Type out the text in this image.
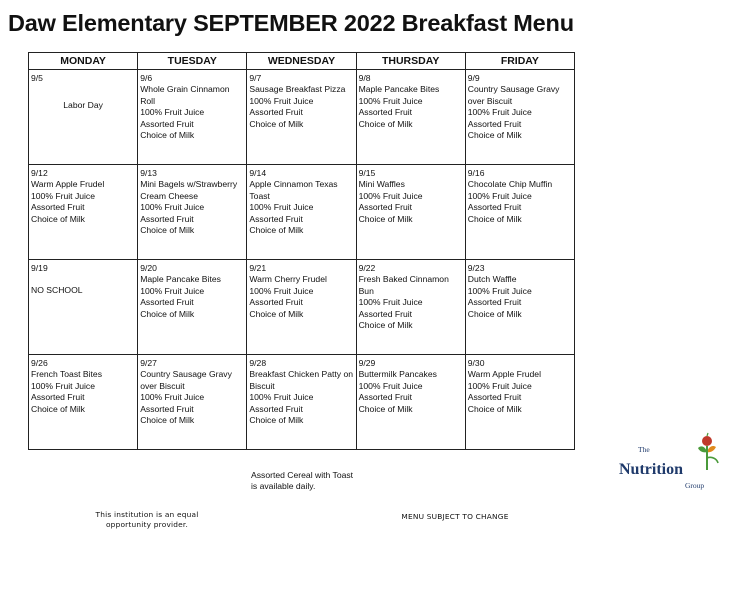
Daw Elementary SEPTEMBER 2022 Breakfast Menu
MONDAY	TUESDAY	WEDNESDAY	THURSDAY	FRIDAY

9/5

Labor Day	9/6
Whole Grain Cinnamon Roll
100% Fruit Juice
Assorted Fruit
Choice of Milk	9/7
Sausage Breakfast Pizza
100% Fruit Juice
Assorted Fruit
Choice of Milk	9/8
Maple Pancake Bites
100% Fruit Juice
Assorted Fruit
Choice of Milk	9/9
Country Sausage Gravy over Biscuit
100% Fruit Juice
Assorted Fruit
Choice of Milk

9/12
Warm Apple Frudel
100% Fruit Juice
Assorted Fruit
Choice of Milk	9/13
Mini Bagels w/Strawberry Cream Cheese
100% Fruit Juice
Assorted Fruit
Choice of Milk	9/14
Apple Cinnamon Texas Toast
100% Fruit Juice
Assorted Fruit
Choice of Milk	9/15
Mini Waffles
100% Fruit Juice
Assorted Fruit
Choice of Milk	9/16
Chocolate Chip Muffin
100% Fruit Juice
Assorted Fruit
Choice of Milk

9/19

NO SCHOOL	9/20
Maple Pancake Bites
100% Fruit Juice
Assorted Fruit
Choice of Milk	9/21
Warm Cherry Frudel
100% Fruit Juice
Assorted Fruit
Choice of Milk	9/22
Fresh Baked Cinnamon Bun
100% Fruit Juice
Assorted Fruit
Choice of Milk	9/23
Dutch Waffle
100% Fruit Juice
Assorted Fruit
Choice of Milk

9/26
French Toast Bites
100% Fruit Juice
Assorted Fruit
Choice of Milk	9/27
Country Sausage Gravy over Biscuit
100% Fruit Juice
Assorted Fruit
Choice of Milk	9/28
Breakfast Chicken Patty on Biscuit
100% Fruit Juice
Assorted Fruit
Choice of Milk	9/29
Buttermilk Pancakes
100% Fruit Juice
Assorted Fruit
Choice of Milk	9/30
Warm Apple Frudel
100% Fruit Juice
Assorted Fruit
Choice of Milk
Assorted Cereal with Toast
is available daily.
This institution is an equal
opportunity provider.
MENU SUBJECT TO CHANGE
The
Nutrition
Group
